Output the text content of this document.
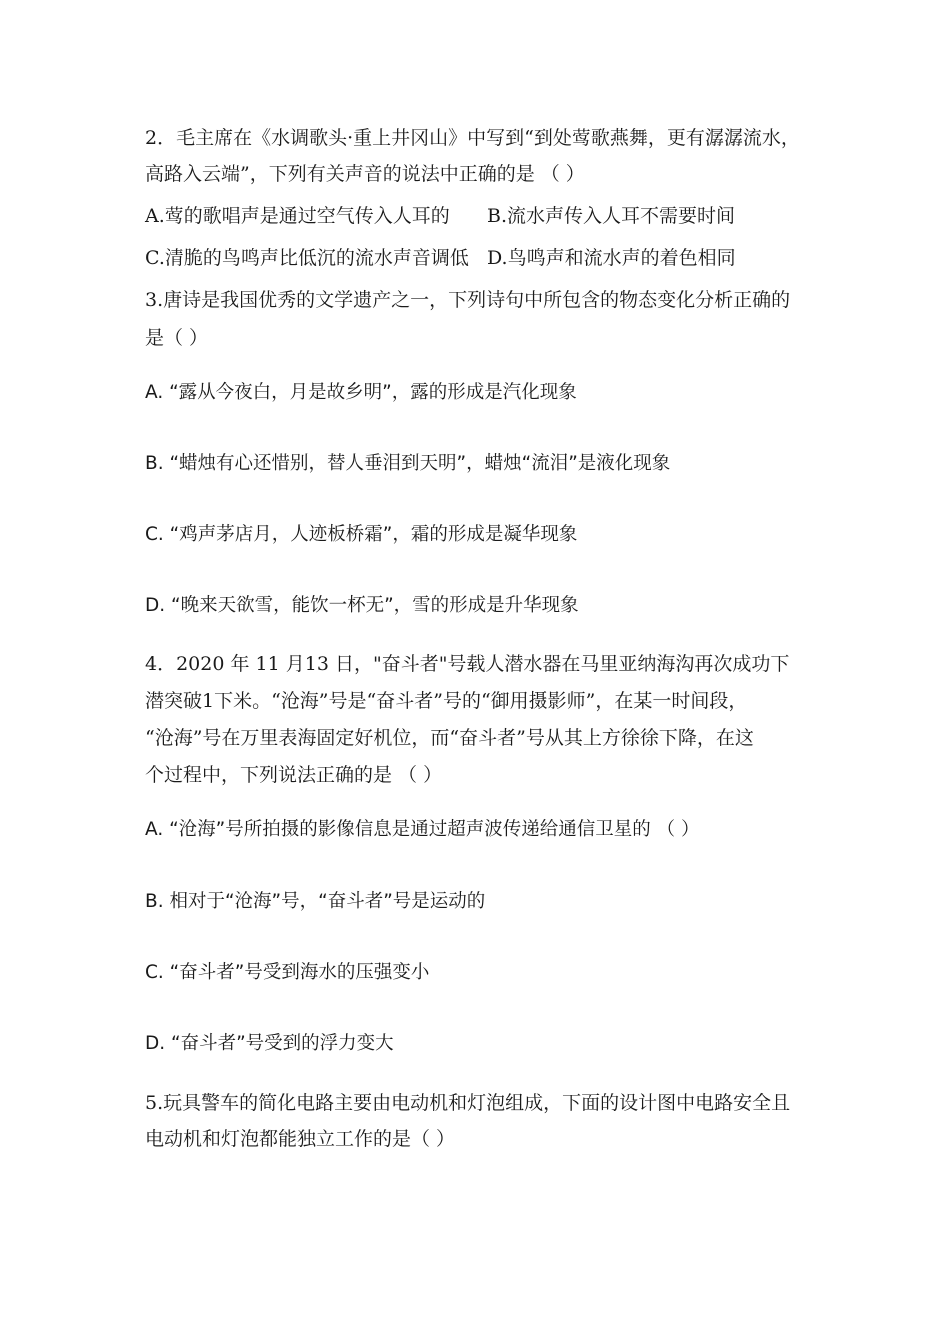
2．毛主席在《水调歌头·重上井冈山》中写到“到处莺歌燕舞，更有潺潺流水，
高路入云端”，下列有关声音的说法中正确的是 （ ）
A.莺的歌唱声是通过空气传入人耳的 B.流水声传入人耳不需要时间
C.清脆的鸟鸣声比低沉的流水声音调低 D.鸟鸣声和流水声的着色相同
3.唐诗是我国优秀的文学遗产之一，下列诗句中所包含的物态变化分析正确的
是（ ）
A. “露从今夜白，月是故乡明”，露的形成是汽化现象
B. “蜡烛有心还惜别，替人垂泪到天明”，蜡烛“流泪”是液化现象
C. “鸡声茅店月，人迹板桥霜”，霜的形成是凝华现象
D. “晚来天欲雪，能饮一杯无”，雪的形成是升华现象
4．2020 年 11 月13 日，"奋斗者"号载人潜水器在马里亚纳海沟再次成功下
潜突破1下米。“沧海”号是“奋斗者”号的“御用摄影师”，在某一时间段，
“沧海”号在万里表海固定好机位，而“奋斗者”号从其上方徐徐下降，在这
个过程中，下列说法正确的是 （ ）
A. “沧海”号所拍摄的影像信息是通过超声波传递给通信卫星的 （ ）
B. 相对于“沧海”号，“奋斗者”号是运动的
C. “奋斗者”号受到海水的压强变小
D. “奋斗者”号受到的浮力变大
5.玩具警车的简化电路主要由电动机和灯泡组成，下面的设计图中电路安全且
电动机和灯泡都能独立工作的是（ ）
